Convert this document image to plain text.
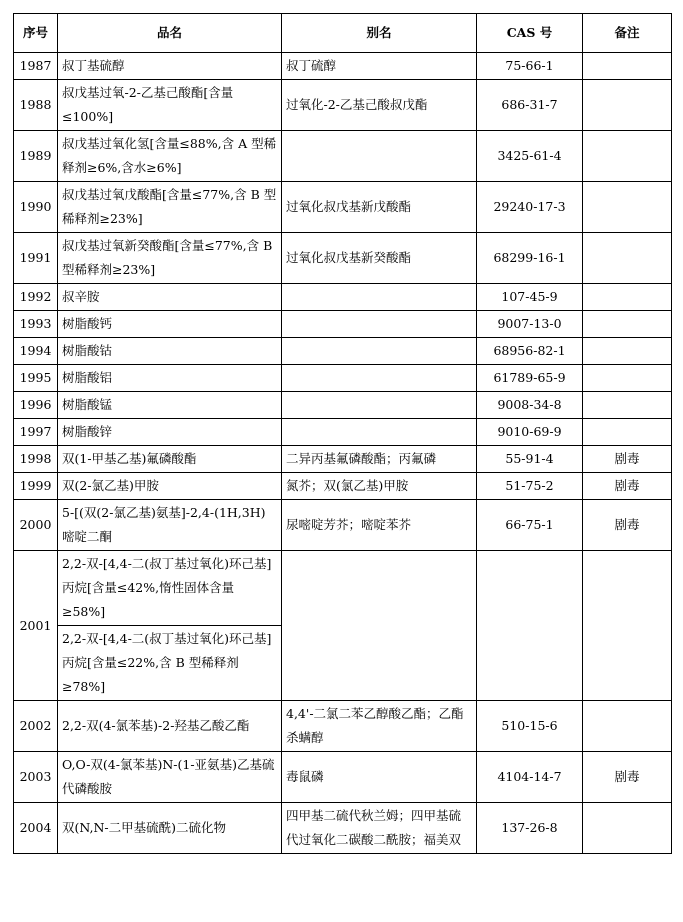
序号	品名	别名	CAS 号	备注
1987	叔丁基硫醇	叔丁硫醇	75-66-1	
1988	叔戊基过氧-2-乙基己酸酯[含量≤100%]	过氧化-2-乙基己酸叔戊酯	686-31-7	
1989	叔戊基过氧化氢[含量≤88%,含 A 型稀释剂≥6%,含水≥6%]		3425-61-4	
1990	叔戊基过氧戊酸酯[含量≤77%,含 B 型稀释剂≥23%]	过氧化叔戊基新戊酸酯	29240-17-3	
1991	叔戊基过氧新癸酸酯[含量≤77%,含 B 型稀释剂≥23%]	过氧化叔戊基新癸酸酯	68299-16-1	
1992	叔辛胺		107-45-9	
1993	树脂酸钙		9007-13-0	
1994	树脂酸钴		68956-82-1	
1995	树脂酸铝		61789-65-9	
1996	树脂酸锰		9008-34-8	
1997	树脂酸锌		9010-69-9	
1998	双(1-甲基乙基)氟磷酸酯	二异丙基氟磷酸酯；丙氟磷	55-91-4	剧毒
1999	双(2-氯乙基)甲胺	氮芥；双(氯乙基)甲胺	51-75-2	剧毒
2000	5-[(双(2-氯乙基)氨基]-2,4-(1H,3H)嘧啶二酮	尿嘧啶芳芥；嘧啶苯芥	66-75-1	剧毒
2001	2,2-双-[4,4-二(叔丁基过氧化)环己基]丙烷[含量≤42%,惰性固体含量≥58%]			
	2,2-双-[4,4-二(叔丁基过氧化)环己基]丙烷[含量≤22%,含 B 型稀释剂≥78%]			
2002	2,2-双(4-氯苯基)-2-羟基乙酸乙酯	4,4'-二氯二苯乙醇酸乙酯；乙酯杀螨醇	510-15-6	
2003	O,O-双(4-氯苯基)N-(1-亚氨基)乙基硫代磷酸胺	毒鼠磷	4104-14-7	剧毒
2004	双(N,N-二甲基硫酰)二硫化物	四甲基二硫代秋兰姆；四甲基硫代过氧化二碳酸二酰胺；福美双	137-26-8	
